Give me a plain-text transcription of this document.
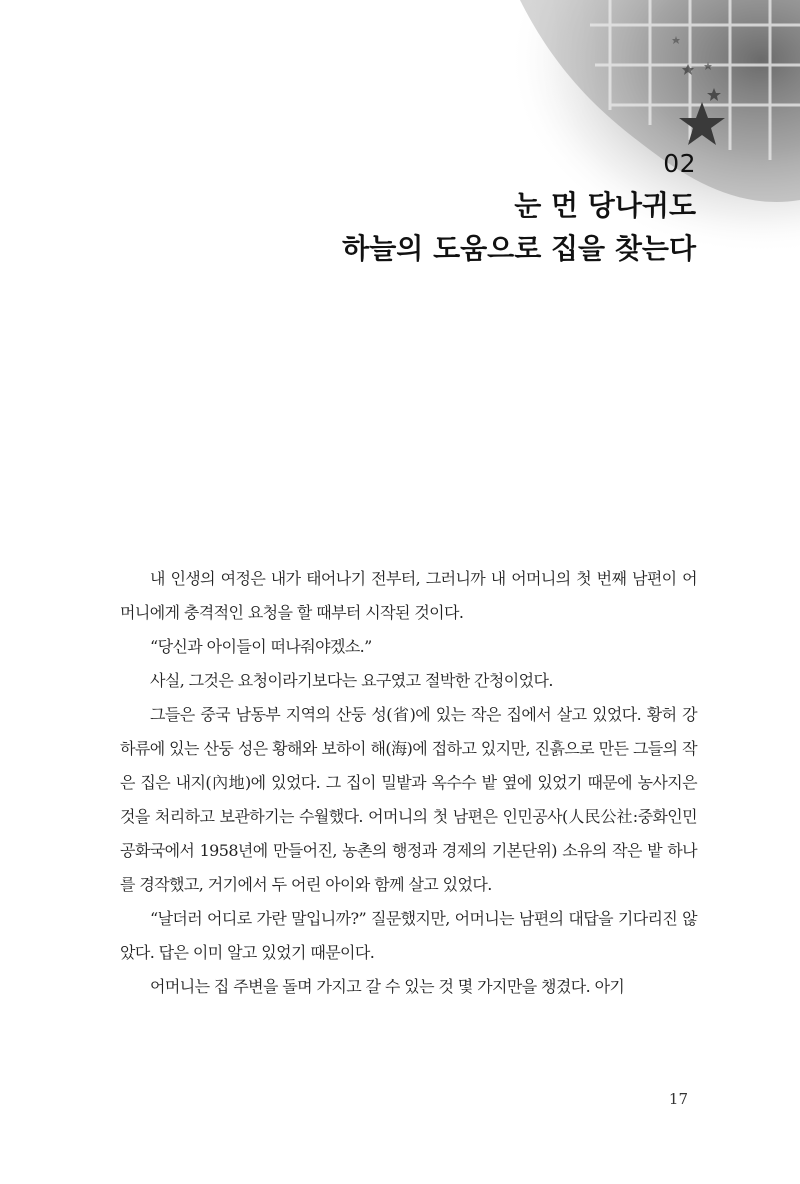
02
눈 먼 당나귀도
하늘의 도움으로 집을 찾는다

내 인생의 여정은 내가 태어나기 전부터, 그러니까 내 어머니의 첫 번째 남편이 어머니에게 충격적인 요청을 할 때부터 시작된 것이다.

“당신과 아이들이 떠나줘야겠소.”

사실, 그것은 요청이라기보다는 요구였고 절박한 간청이었다.

그들은 중국 남동부 지역의 산둥 성(省)에 있는 작은 집에서 살고 있었다. 황허 강 하류에 있는 산둥 성은 황해와 보하이 해(海)에 접하고 있지만, 진흙으로 만든 그들의 작은 집은 내지(內地)에 있었다. 그 집이 밀밭과 옥수수 밭 옆에 있었기 때문에 농사지은 것을 처리하고 보관하기는 수월했다. 어머니의 첫 남편은 인민공사(人民公社:중화인민공화국에서 1958년에 만들어진, 농촌의 행정과 경제의 기본단위) 소유의 작은 밭 하나를 경작했고, 거기에서 두 어린 아이와 함께 살고 있었다.

“날더러 어디로 가란 말입니까?” 질문했지만, 어머니는 남편의 대답을 기다리진 않았다. 답은 이미 알고 있었기 때문이다.

어머니는 집 주변을 돌며 가지고 갈 수 있는 것 몇 가지만을 챙겼다. 아기

17
